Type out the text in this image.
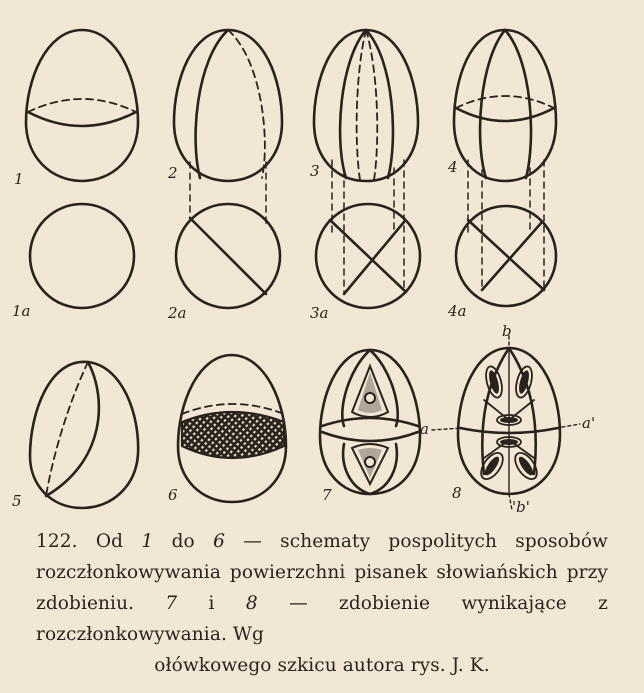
1	2	3	4
1a	2a	3a	4a
5	6	7	8
b
'b'
a	a'
122. Od 1 do 6 — schematy pospolitych sposobów rozczłonkowywania powierzchni pisanek słowiańskich przy zdobieniu. 7 i 8 — zdobienie wynikające z rozczłonkowywania. Wg
ołówkowego szkicu autora rys. J. K.
